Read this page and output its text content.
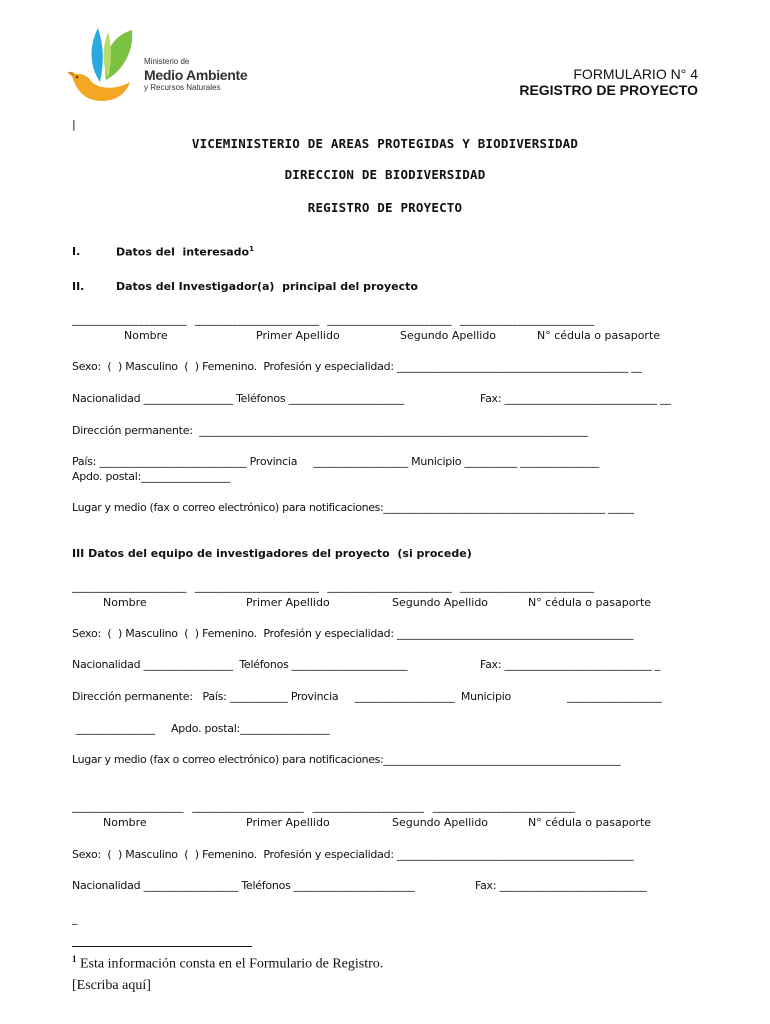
Ministerio de
Medio Ambiente
y Recursos Naturales
FORMULARIO N° 4
REGISTRO DE PROYECTO
|
VICEMINISTERIO DE AREAS PROTEGIDAS Y BIODIVERSIDAD
DIRECCION DE BIODIVERSIDAD
REGISTRO DE PROYECTO
I.	Datos del  interesado$^1$
II.	Datos del Investigador(a)  principal del proyecto
_______________________   _________________________   _________________________   ___________________________
Nombre	Primer Apellido	Segundo Apellido	N° cédula o pasaporte
Sexo:  (  ) Masculino  (  ) Femenino.  Profesión y especialidad: ____________________________________________ __
Nacionalidad _________________ Teléfonos ______________________	Fax: _____________________________ __
Dirección permanente:  __________________________________________________________________________
País: ____________________________ Provincia     __________________ Municipio __________ _______________
Apdo. postal:_________________
Lugar y medio (fax o correo electrónico) para notificaciones:___________________________________________ _____
III Datos del equipo de investigadores del proyecto  (si procede)
_______________________   _________________________   _________________________   ___________________________
Nombre	Primer Apellido	Segundo Apellido	N° cédula o pasaporte
Sexo:  (  ) Masculino  (  ) Femenino.  Profesión y especialidad: _____________________________________________
Nacionalidad _________________  Teléfonos ______________________	Fax: ____________________________ _
Dirección permanente:   País: ___________ Provincia     ___________________  Municipio	__________________
_______________     Apdo. postal:_________________
Lugar y medio (fax o correo electrónico) para notificaciones:______________________________________________
______________________   ______________________   ______________________   ____________________________
Nombre	Primer Apellido	Segundo Apellido	N° cédula o pasaporte
Sexo:  (  ) Masculino  (  ) Femenino.  Profesión y especialidad: _____________________________________________
Nacionalidad __________________ Teléfonos _______________________	Fax: ____________________________
_
$^1$ Esta información consta en el Formulario de Registro.
[Escriba aquí]
